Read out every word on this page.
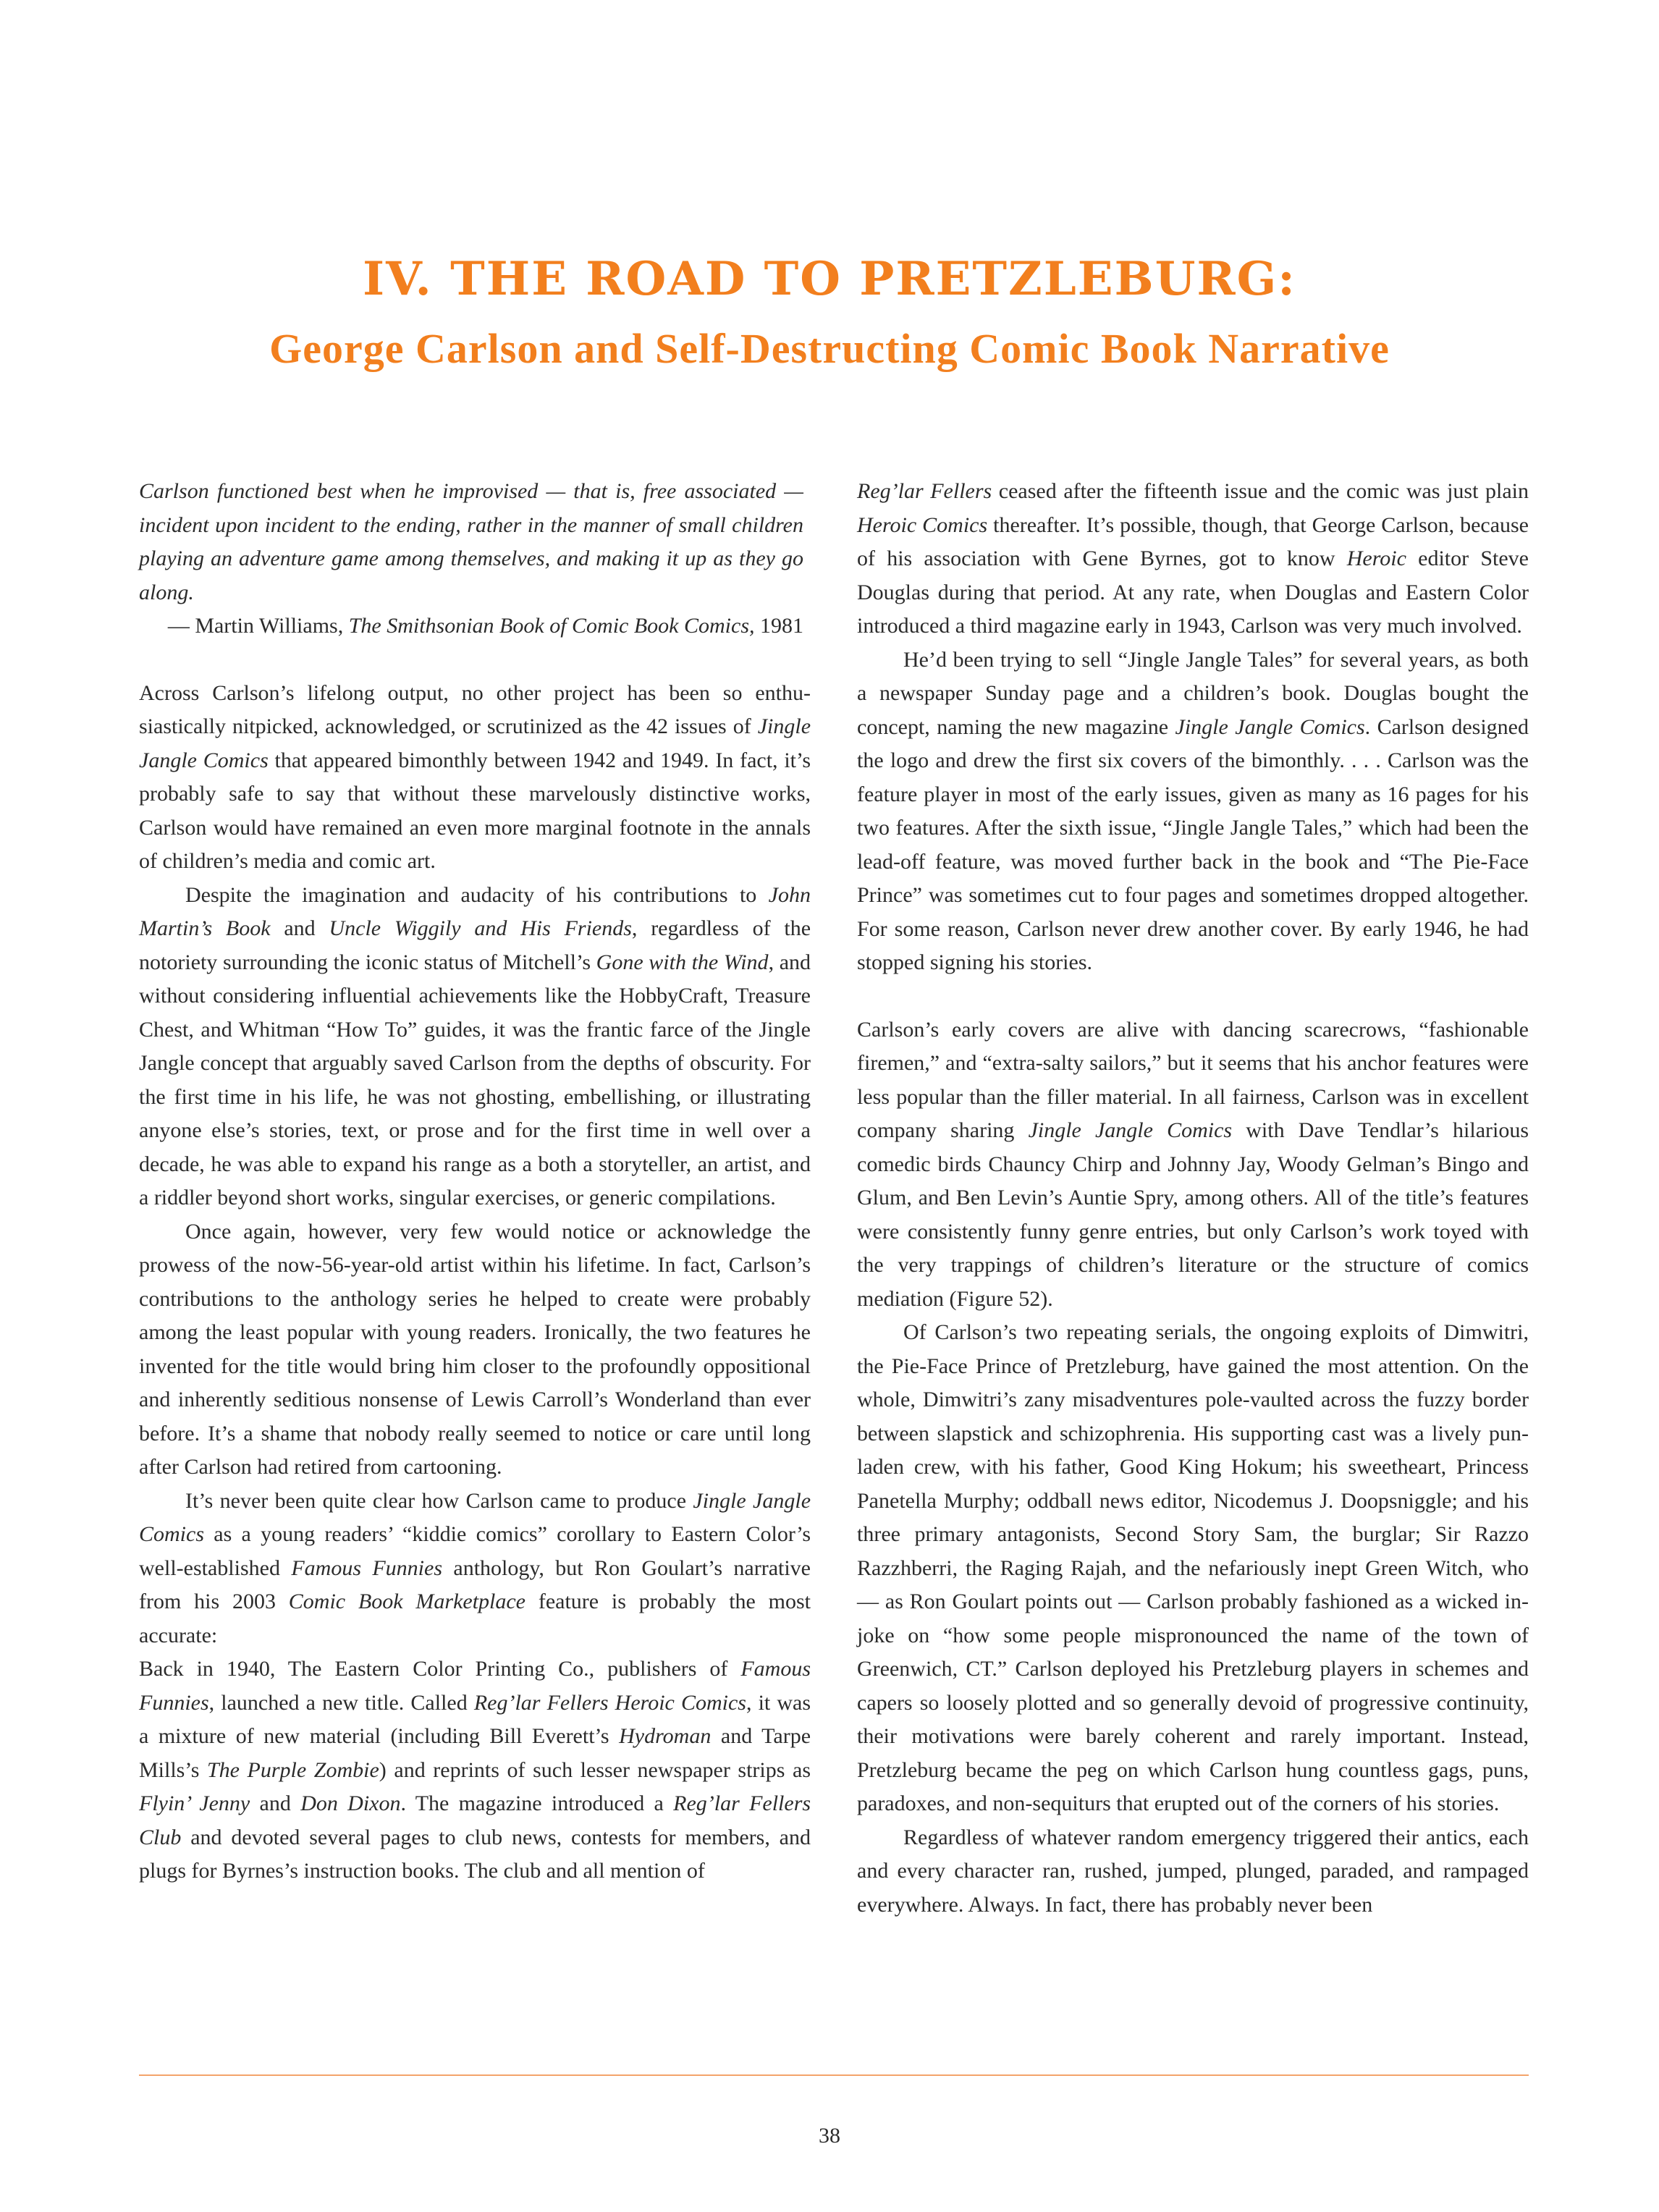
IV. THE ROAD TO PRETZLEBURG:
George Carlson and Self-Destructing Comic Book Narrative

Carlson functioned best when he improvised — that is, free associated — incident upon incident to the ending, rather in the manner of small children playing an adventure game among themselves, and making it up as they go along.

— Martin Williams, The Smithsonian Book of Comic Book Comics, 1981

Across Carlson’s lifelong output, no other project has been so enthusiastically nitpicked, acknowledged, or scrutinized as the 42 issues of Jingle Jangle Comics that appeared bimonthly between 1942 and 1949. In fact, it’s probably safe to say that without these marvelously distinctive works, Carlson would have remained an even more marginal footnote in the annals of children’s media and comic art.

Despite the imagination and audacity of his contributions to John Martin’s Book and Uncle Wiggily and His Friends, regardless of the notoriety surrounding the iconic status of Mitchell’s Gone with the Wind, and without considering influential achievements like the HobbyCraft, Treasure Chest, and Whitman “How To” guides, it was the frantic farce of the Jingle Jangle concept that arguably saved Carlson from the depths of obscurity. For the first time in his life, he was not ghosting, embellishing, or illustrating anyone else’s stories, text, or prose and for the first time in well over a decade, he was able to expand his range as a both a storyteller, an artist, and a riddler beyond short works, singular exercises, or generic compilations.

Once again, however, very few would notice or acknowledge the prowess of the now-56-year-old artist within his lifetime. In fact, Carlson’s contributions to the anthology series he helped to create were probably among the least popular with young readers. Ironically, the two features he invented for the title would bring him closer to the profoundly oppositional and inherently seditious nonsense of Lewis Carroll’s Wonderland than ever before. It’s a shame that nobody really seemed to notice or care until long after Carlson had retired from cartooning.

It’s never been quite clear how Carlson came to produce Jingle Jangle Comics as a young readers’ “kiddie comics” corollary to Eastern Color’s well-established Famous Funnies anthology, but Ron Goulart’s narrative from his 2003 Comic Book Marketplace feature is probably the most accurate:

Back in 1940, The Eastern Color Printing Co., publishers of Famous Funnies, launched a new title. Called Reg’lar Fellers Heroic Comics, it was a mixture of new material (including Bill Everett’s Hydroman and Tarpe Mills’s The Purple Zombie) and reprints of such lesser newspaper strips as Flyin’ Jenny and Don Dixon. The magazine introduced a Reg’lar Fellers Club and devoted several pages to club news, contests for members, and plugs for Byrnes’s instruction books. The club and all mention of

Reg’lar Fellers ceased after the fifteenth issue and the comic was just plain Heroic Comics thereafter. It’s possible, though, that George Carlson, because of his association with Gene Byrnes, got to know Heroic editor Steve Douglas during that period. At any rate, when Douglas and Eastern Color introduced a third magazine early in 1943, Carlson was very much involved.

He’d been trying to sell “Jingle Jangle Tales” for several years, as both a newspaper Sunday page and a children’s book. Douglas bought the concept, naming the new magazine Jingle Jangle Comics. Carlson designed the logo and drew the first six covers of the bimonthly. . . . Carlson was the feature player in most of the early issues, given as many as 16 pages for his two features. After the sixth issue, “Jingle Jangle Tales,” which had been the lead-off feature, was moved further back in the book and “The Pie-Face Prince” was sometimes cut to four pages and sometimes dropped altogether. For some reason, Carlson never drew another cover. By early 1946, he had stopped signing his stories.

Carlson’s early covers are alive with dancing scarecrows, “fashionable firemen,” and “extra-salty sailors,” but it seems that his anchor features were less popular than the filler material. In all fairness, Carlson was in excellent company sharing Jingle Jangle Comics with Dave Tendlar’s hilarious comedic birds Chauncy Chirp and Johnny Jay, Woody Gelman’s Bingo and Glum, and Ben Levin’s Auntie Spry, among others. All of the title’s features were consistently funny genre entries, but only Carlson’s work toyed with the very trappings of children’s literature or the structure of comics mediation (Figure 52).

Of Carlson’s two repeating serials, the ongoing exploits of Dimwitri, the Pie-Face Prince of Pretzleburg, have gained the most attention. On the whole, Dimwitri’s zany misadventures pole-vaulted across the fuzzy border between slapstick and schizophrenia. His supporting cast was a lively pun-laden crew, with his father, Good King Hokum; his sweetheart, Princess Panetella Murphy; oddball news editor, Nicodemus J. Doopsniggle; and his three primary antagonists, Second Story Sam, the burglar; Sir Razzo Razzhberri, the Raging Rajah, and the nefariously inept Green Witch, who — as Ron Goulart points out — Carlson probably fashioned as a wicked in-joke on “how some people mispronounced the name of the town of Greenwich, CT.” Carlson deployed his Pretzleburg players in schemes and capers so loosely plotted and so generally devoid of progressive continuity, their motivations were barely coherent and rarely important. Instead, Pretzleburg became the peg on which Carlson hung countless gags, puns, paradoxes, and non-sequiturs that erupted out of the corners of his stories.

Regardless of whatever random emergency triggered their antics, each and every character ran, rushed, jumped, plunged, paraded, and rampaged everywhere. Always. In fact, there has probably never been

38
